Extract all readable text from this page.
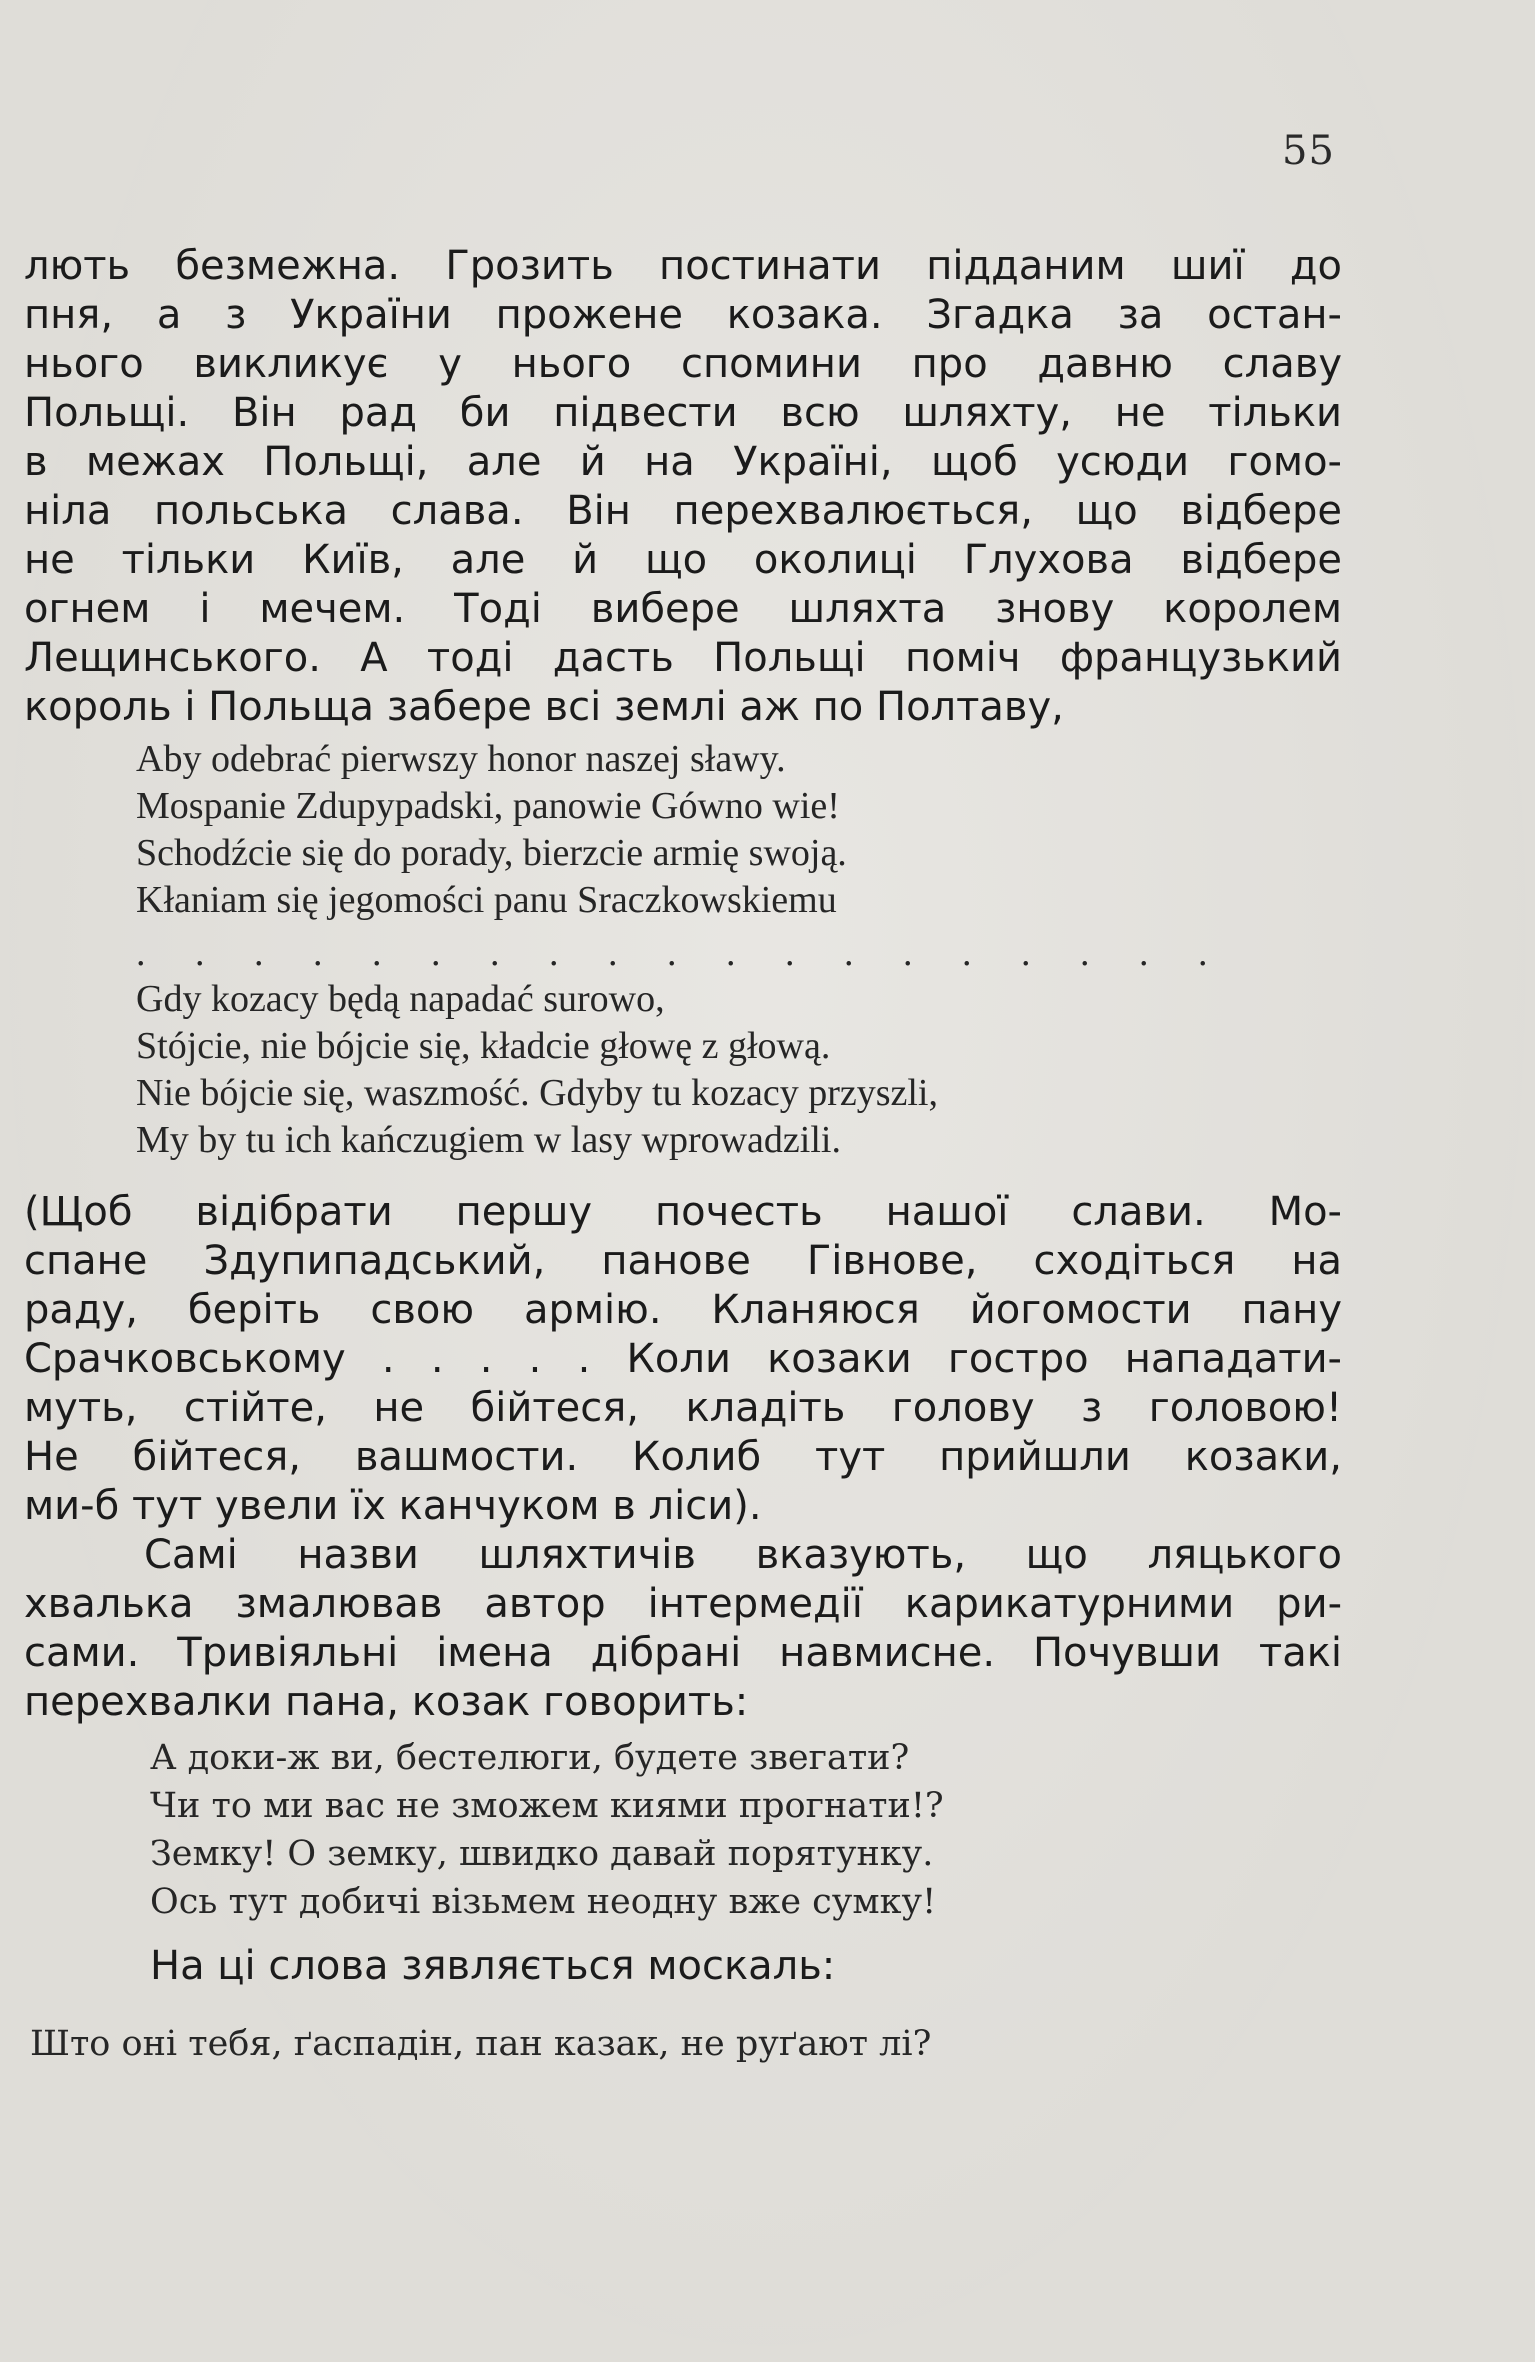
55
лють безмежна. Грозить постинати підданим шиї до
пня, а з України прожене козака. Згадка за остан-
нього викликує у нього спомини про давню славу
Польщі. Він рад би підвести всю шляхту, не тільки
в межах Польщі, але й на Україні, щоб усюди гомо-
ніла польська слава. Він перехвалюється, що відбере
не тільки Київ, але й що околиці Глухова відбере
огнем і мечем. Тоді вибере шляхта знову королем
Лещинського. А тоді дасть Польщі поміч французький
король і Польща забере всі землі аж по Полтаву,
Aby odebrać pierwszy honor naszej sławy.
Mospanie Zdupypadski, panowie Gówno wie!
Schodźcie się do porady, bierzcie armię swoją.
Kłaniam się jegomości panu Sraczkowskiemu
. . . . . . . . . . . . . . . . . . .
Gdy kozacy będą napadać surowo,
Stójcie, nie bójcie się, kładcie głowę z głową.
Nie bójcie się, waszmość. Gdyby tu kozacy przyszli,
My by tu ich kańczugiem w lasy wprowadzili.
(Щоб відібрати першу почесть нашої слави. Мо-
спане Здупипадський, панове Гівнове, сходіться на
раду, беріть свою армію. Кланяюся йогомости пану
Срачковському . . . . . Коли козаки гостро нападати-
муть, стійте, не бійтеся, кладіть голову з головою!
Не бійтеся, вашмости. Колиб тут прийшли козаки,
ми-б тут увели їх канчуком в ліси).
Самі назви шляхтичів вказують, що ляцького
хвалька змалював автор інтермедії карикатурними ри-
сами. Тривіяльні імена дібрані навмисне. Почувши такі
перехвалки пана, козак говорить:
А доки-ж ви, бестелюги, будете звегати?
Чи то ми вас не зможем киями прогнати!?
Земку! О земку, швидко давай порятунку.
Ось тут добичі візьмем неодну вже сумку!
На ці слова зявляється москаль:
Што оні тебя, ґаспадін, пан казак, не руґают лі?
